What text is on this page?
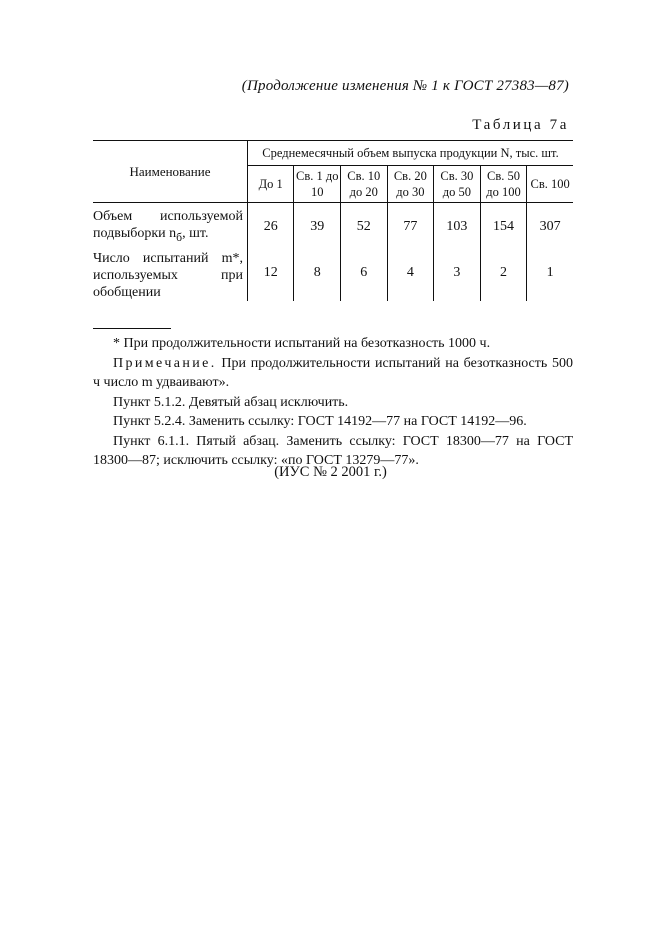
(Продолжение изменения № 1 к ГОСТ 27383—87)
Таблица 7а
Наименование	Среднемесячный объем выпуска продукции N, тыс. шт.						
	До 1	Св. 1 до 10	Св. 10 до 20	Св. 20 до 30	Св. 30 до 50	Св. 50 до 100	Св. 100
Объем используемой подвыборки $n_б$, шт.	26	39	52	77	103	154	307
Число испытаний m*, используемых при обобщении	12	8	6	4	3	2	1

* При продолжительности испытаний на безотказность 1000 ч.

Примечание. При продолжительности испытаний на безотказность 500 ч число m удваивают».

Пункт 5.1.2. Девятый абзац исключить.

Пункт 5.2.4. Заменить ссылку: ГОСТ 14192—77 на ГОСТ 14192—96.

Пункт 6.1.1. Пятый абзац. Заменить ссылку: ГОСТ 18300—77 на ГОСТ 18300—87; исключить ссылку: «по ГОСТ 13279—77».

(ИУС № 2 2001 г.)
